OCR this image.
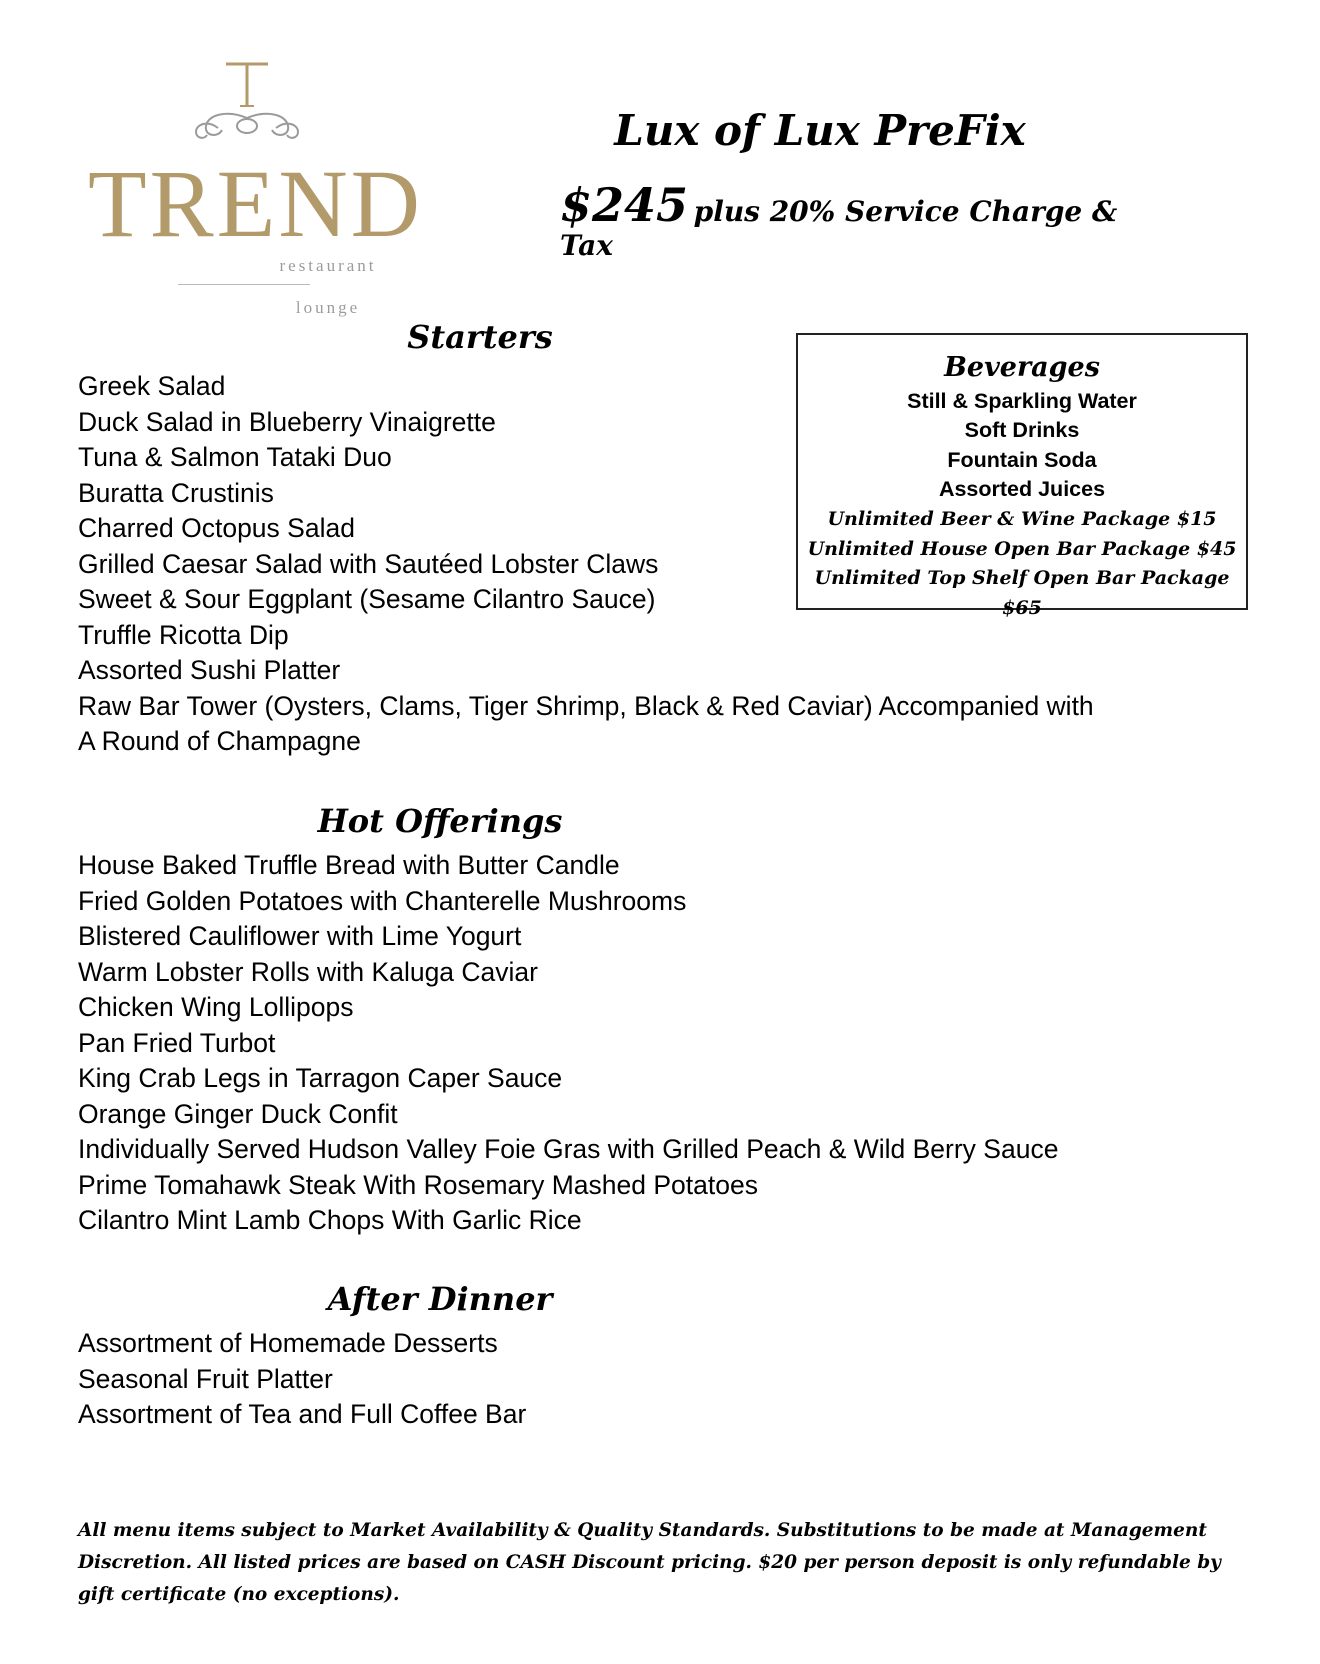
TREND
restaurant
lounge
Lux of Lux PreFix
$245 plus 20% Service Charge & Tax
Starters
Greek Salad
Duck Salad in Blueberry Vinaigrette
Tuna & Salmon Tataki Duo
Buratta Crustinis
Charred Octopus Salad
Grilled Caesar Salad with Sautéed Lobster Claws
Sweet & Sour Eggplant (Sesame Cilantro Sauce)
Truffle Ricotta Dip
Assorted Sushi Platter
Raw Bar Tower (Oysters, Clams, Tiger Shrimp, Black & Red Caviar) Accompanied with
A Round of Champagne
Beverages
Still & Sparkling Water
Soft Drinks
Fountain Soda
Assorted Juices
Unlimited Beer & Wine Package $15
Unlimited House Open Bar Package $45
Unlimited Top Shelf Open Bar Package $65
Hot Offerings
House Baked Truffle Bread with Butter Candle
Fried Golden Potatoes with Chanterelle Mushrooms
Blistered Cauliflower with Lime Yogurt
Warm Lobster Rolls with Kaluga Caviar
Chicken Wing Lollipops
Pan Fried Turbot
King Crab Legs in Tarragon Caper Sauce
Orange Ginger Duck Confit
Individually Served Hudson Valley Foie Gras with Grilled Peach & Wild Berry Sauce
Prime Tomahawk Steak With Rosemary Mashed Potatoes
Cilantro Mint Lamb Chops With Garlic Rice
After Dinner
Assortment of Homemade Desserts
Seasonal Fruit Platter
Assortment of Tea and Full Coffee Bar

All menu items subject to Market Availability & Quality Standards. Substitutions to be made at Management Discretion. All listed prices are based on CASH Discount pricing. $20 per person deposit is only refundable by gift certificate (no exceptions).
